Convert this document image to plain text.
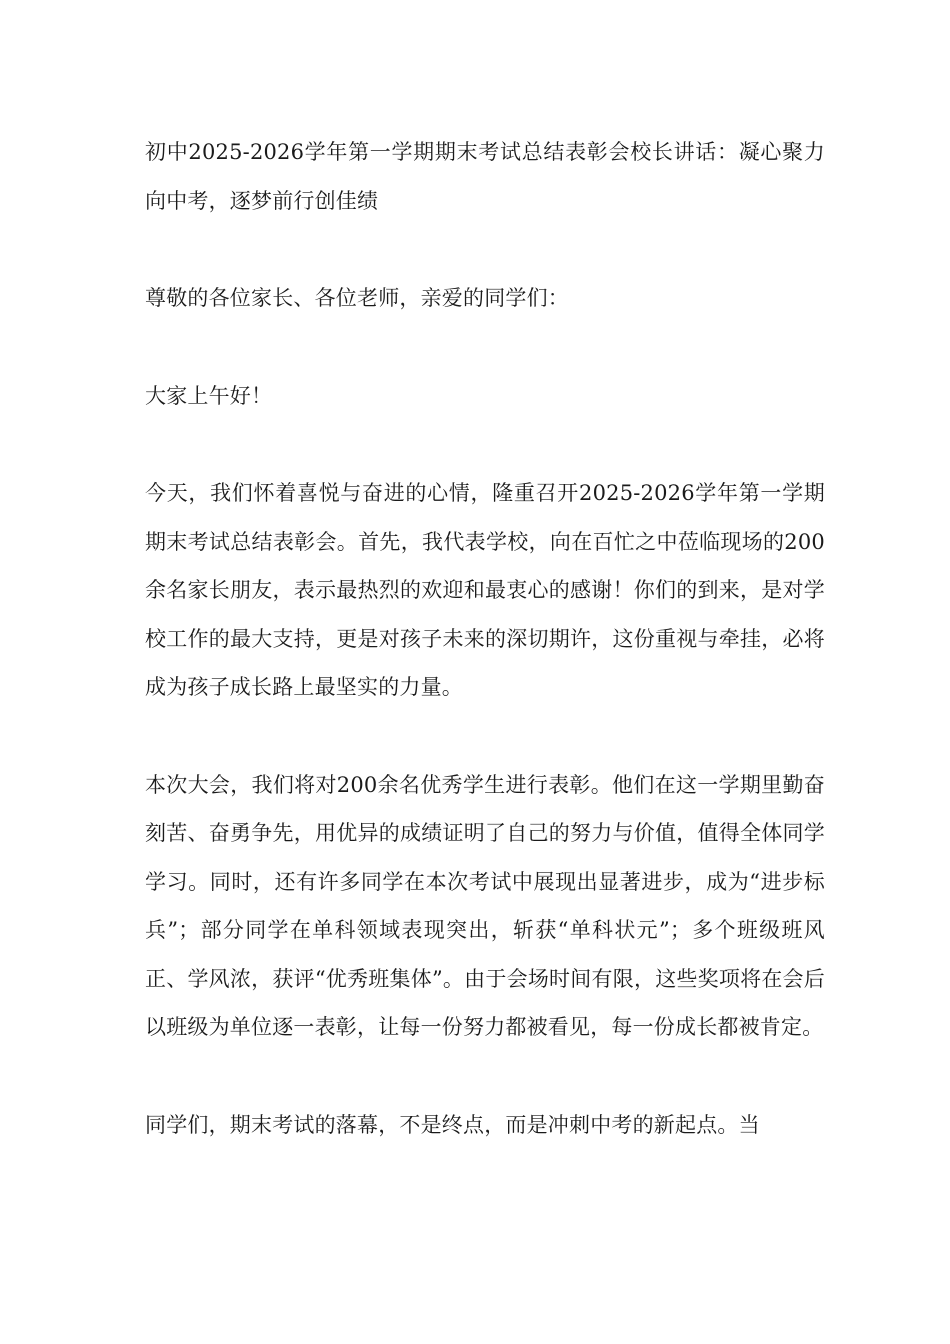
初中2025-2026学年第一学期期末考试总结表彰会校长讲话：凝心聚力向中考，逐梦前行创佳绩

尊敬的各位家长、各位老师，亲爱的同学们：

大家上午好！

今天，我们怀着喜悦与奋进的心情，隆重召开2025-2026学年第一学期期末考试总结表彰会。首先，我代表学校，向在百忙之中莅临现场的200余名家长朋友，表示最热烈的欢迎和最衷心的感谢！你们的到来，是对学校工作的最大支持，更是对孩子未来的深切期许，这份重视与牵挂，必将成为孩子成长路上最坚实的力量。

本次大会，我们将对200余名优秀学生进行表彰。他们在这一学期里勤奋刻苦、奋勇争先，用优异的成绩证明了自己的努力与价值，值得全体同学学习。同时，还有许多同学在本次考试中展现出显著进步，成为“进步标兵”；部分同学在单科领域表现突出，斩获“单科状元”；多个班级班风正、学风浓，获评“优秀班集体”。由于会场时间有限，这些奖项将在会后以班级为单位逐一表彰，让每一份努力都被看见，每一份成长都被肯定。

同学们，期末考试的落幕，不是终点，而是冲刺中考的新起点。当
